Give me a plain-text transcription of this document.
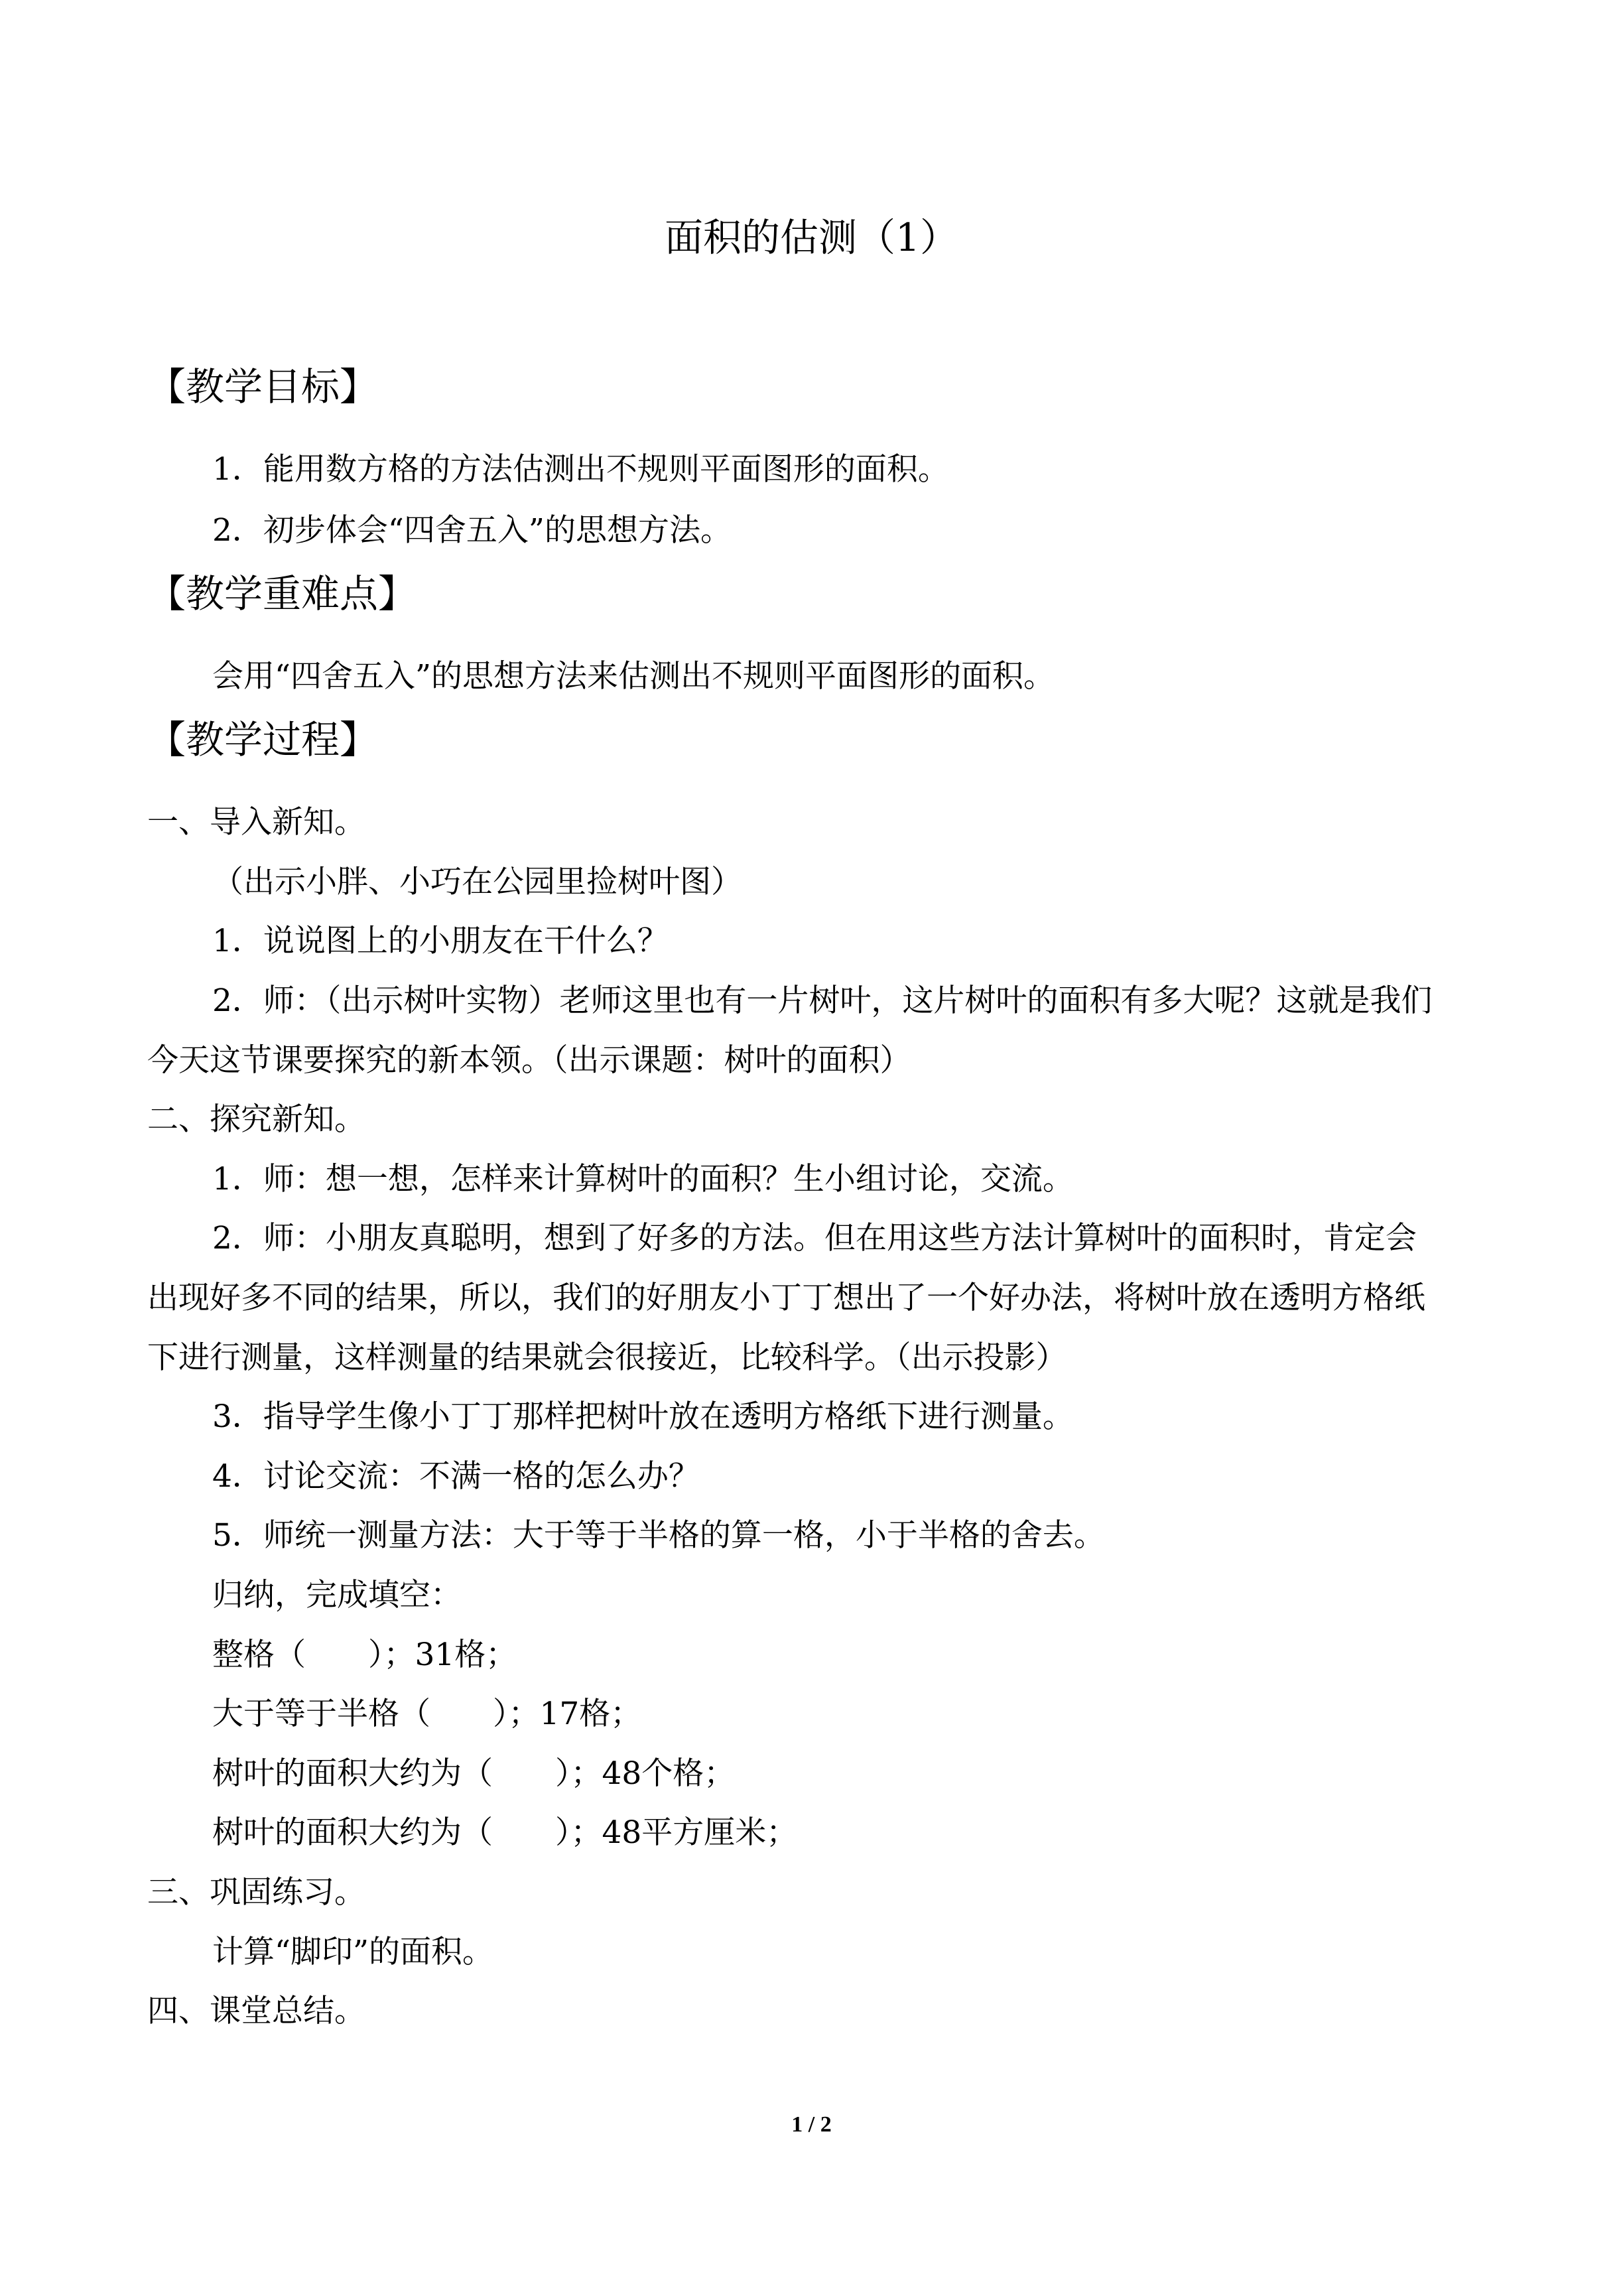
面积的估测（1）
【教学目标】
1．能用数方格的方法估测出不规则平面图形的面积。
2．初步体会“四舍五入”的思想方法。
【教学重难点】
会用“四舍五入”的思想方法来估测出不规则平面图形的面积。
【教学过程】
一、导入新知。
（出示小胖、小巧在公园里捡树叶图）
1．说说图上的小朋友在干什么？
2．师：（出示树叶实物）老师这里也有一片树叶，这片树叶的面积有多大呢？这就是我们
今天这节课要探究的新本领。（出示课题：树叶的面积）
二、探究新知。
1．师：想一想，怎样来计算树叶的面积？生小组讨论，交流。
2．师：小朋友真聪明，想到了好多的方法。但在用这些方法计算树叶的面积时，肯定会
出现好多不同的结果，所以，我们的好朋友小丁丁想出了一个好办法，将树叶放在透明方格纸
下进行测量，这样测量的结果就会很接近，比较科学。（出示投影）
3．指导学生像小丁丁那样把树叶放在透明方格纸下进行测量。
4．讨论交流：不满一格的怎么办？
5．师统一测量方法：大于等于半格的算一格，小于半格的舍去。
归纳，完成填空：
整格（　　）；31格；
大于等于半格（　　）；17格；
树叶的面积大约为（　　）；48个格；
树叶的面积大约为（　　）；48平方厘米；
三、巩固练习。
计算“脚印”的面积。
四、课堂总结。
1 / 2
